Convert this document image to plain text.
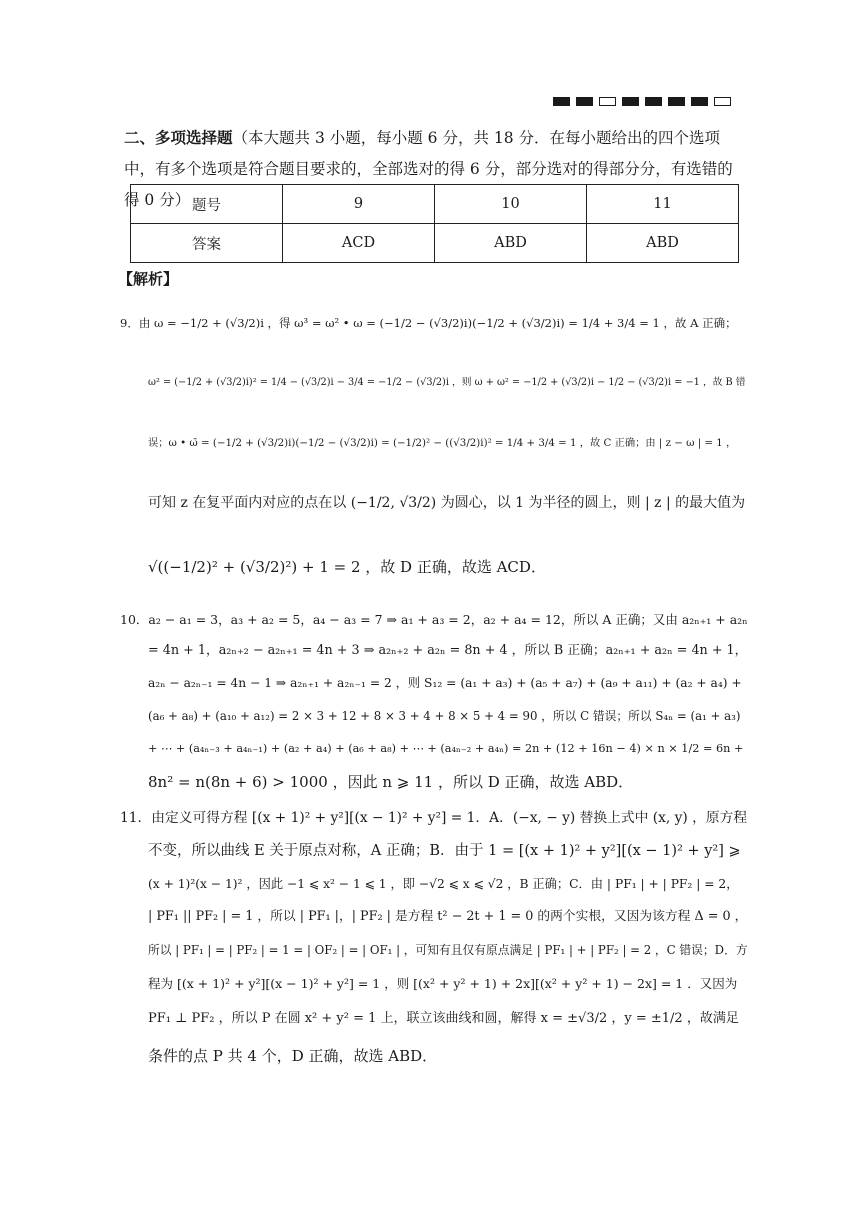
二、多项选择题（本大题共 3 小题，每小题 6 分，共 18 分．在每小题给出的四个选项中，有多个选项是符合题目要求的，全部选对的得 6 分，部分选对的得部分分，有选错的得 0 分） 题号	9	10	11
答案	ACD	ABD	ABD
【解析】
9．由 ω = −1/2 + (√3/2)i ，得 ω³ = ω² • ω = (−1/2 − (√3/2)i)(−1/2 + (√3/2)i) = 1/4 + 3/4 = 1 ，故 A 正确；
ω² = (−1/2 + (√3/2)i)² = 1/4 − (√3/2)i − 3/4 = −1/2 − (√3/2)i ，则 ω + ω² = −1/2 + (√3/2)i − 1/2 − (√3/2)i = −1 ，故 B 错
误；ω • ω̄ = (−1/2 + (√3/2)i)(−1/2 − (√3/2)i) = (−1/2)² − ((√3/2)i)² = 1/4 + 3/4 = 1 ，故 C 正确；由 | z − ω | = 1 ，
可知 z 在复平面内对应的点在以 (−1/2, √3/2) 为圆心，以 1 为半径的圆上，则 | z | 的最大值为
√((−1/2)² + (√3/2)²) + 1 = 2 ，故 D 正确，故选 ACD．
10．a₂ − a₁ = 3，a₃ + a₂ = 5，a₄ − a₃ = 7 ⇒ a₁ + a₃ = 2，a₂ + a₄ = 12，所以 A 正确；又由 a₂ₙ₊₁ + a₂ₙ
= 4n + 1，a₂ₙ₊₂ − a₂ₙ₊₁ = 4n + 3 ⇒ a₂ₙ₊₂ + a₂ₙ = 8n + 4 ，所以 B 正确；a₂ₙ₊₁ + a₂ₙ = 4n + 1，
a₂ₙ − a₂ₙ₋₁ = 4n − 1 ⇒ a₂ₙ₊₁ + a₂ₙ₋₁ = 2 ，则 S₁₂ = (a₁ + a₃) + (a₅ + a₇) + (a₉ + a₁₁) + (a₂ + a₄) +
(a₆ + a₈) + (a₁₀ + a₁₂) = 2 × 3 + 12 + 8 × 3 + 4 + 8 × 5 + 4 = 90 ，所以 C 错误；所以 S₄ₙ = (a₁ + a₃)
+ ⋯ + (a₄ₙ₋₃ + a₄ₙ₋₁) + (a₂ + a₄) + (a₆ + a₈) + ⋯ + (a₄ₙ₋₂ + a₄ₙ) = 2n + (12 + 16n − 4) × n × 1/2 = 6n +
8n² = n(8n + 6) > 1000 ，因此 n ⩾ 11 ，所以 D 正确，故选 ABD．
11．由定义可得方程 [(x + 1)² + y²][(x − 1)² + y²] = 1．A．(−x, − y) 替换上式中 (x, y) ，原方程
不变，所以曲线 E 关于原点对称，A 正确；B．由于 1 = [(x + 1)² + y²][(x − 1)² + y²] ⩾
(x + 1)²(x − 1)² ，因此 −1 ⩽ x² − 1 ⩽ 1 ，即 −√2 ⩽ x ⩽ √2 ，B 正确；C．由 | PF₁ | + | PF₂ | = 2，
| PF₁ || PF₂ | = 1 ，所以 | PF₁ |，| PF₂ | 是方程 t² − 2t + 1 = 0 的两个实根，又因为该方程 Δ = 0 ，
所以 | PF₁ | = | PF₂ | = 1 = | OF₂ | = | OF₁ | ，可知有且仅有原点满足 | PF₁ | + | PF₂ | = 2 ，C 错误；D．方
程为 [(x + 1)² + y²][(x − 1)² + y²] = 1 ，则 [(x² + y² + 1) + 2x][(x² + y² + 1) − 2x] = 1 ．又因为
PF₁ ⊥ PF₂ ，所以 P 在圆 x² + y² = 1 上，联立该曲线和圆，解得 x = ±√3/2 ，y = ±1/2 ，故满足
条件的点 P 共 4 个，D 正确，故选 ABD．
